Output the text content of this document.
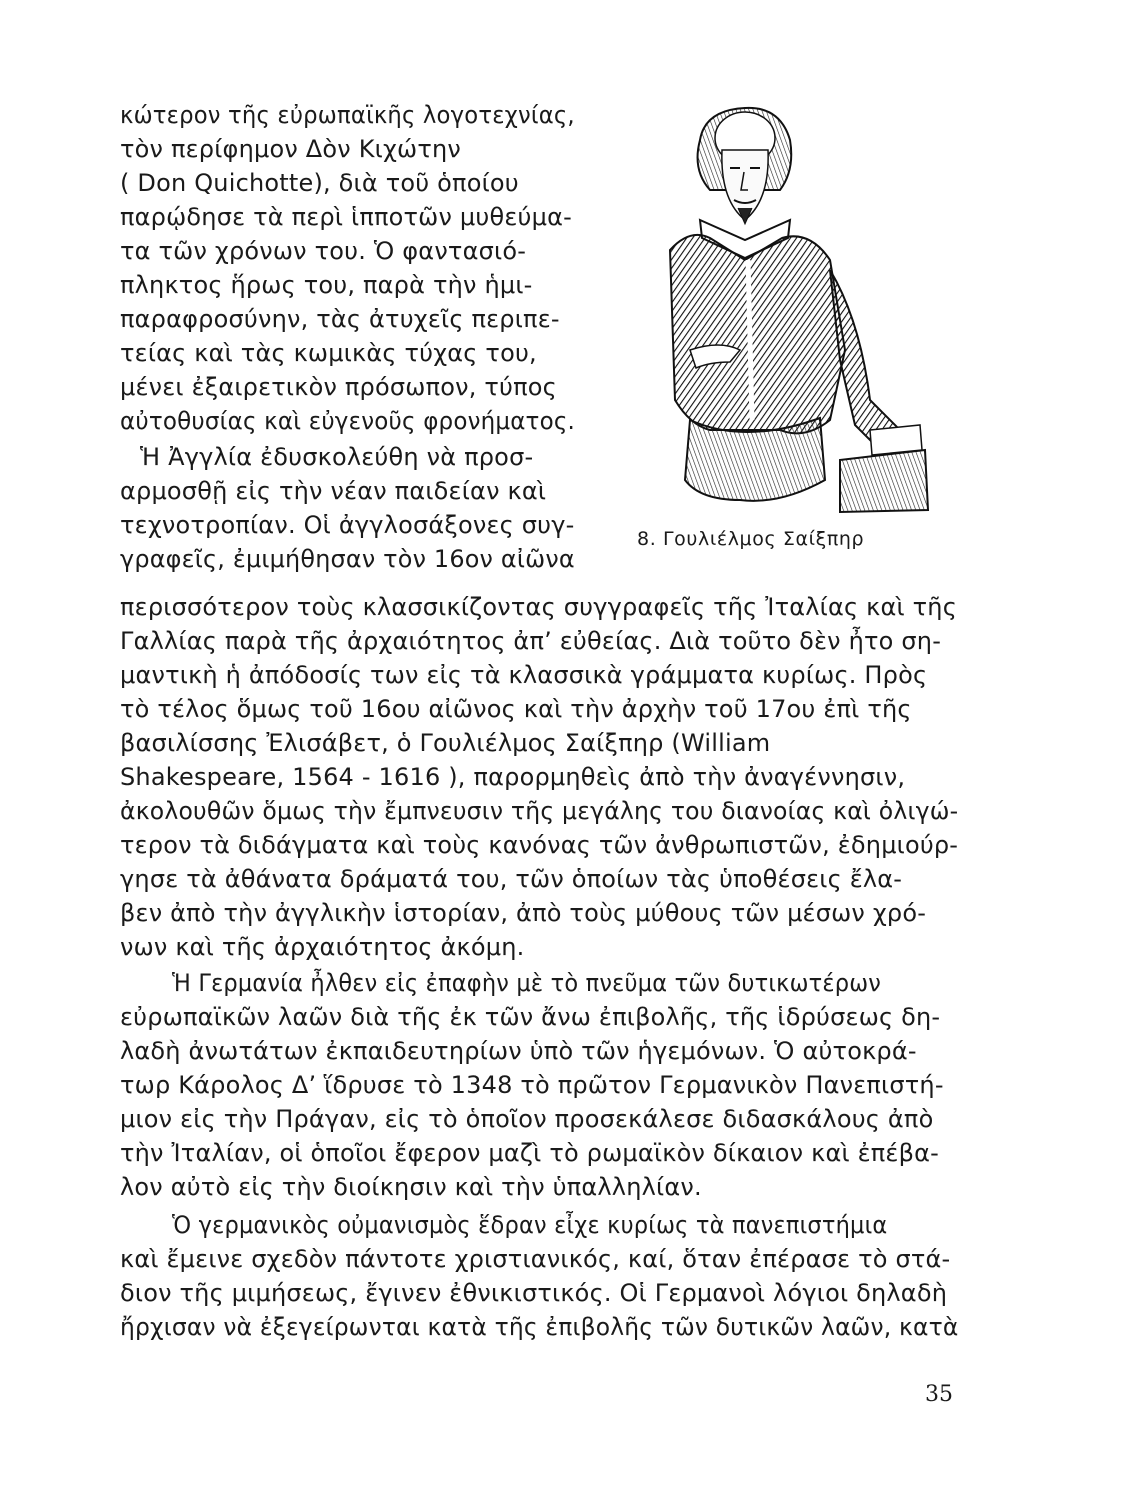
κώτερον τῆς εὐρωπαϊκῆς λογοτεχνίας,
τὸν περίφημον Δὸν Κιχώτην
( Don Quichotte), διὰ τοῦ ὁποίου
παρῴδησε τὰ περὶ ἱπποτῶν μυθεύμα-
τα τῶν χρόνων του. Ὁ φαντασιό-
πληκτος ἥρως του, παρὰ τὴν ἡμι-
παραφροσύνην, τὰς ἀτυχεῖς περιπε-
τείας καὶ τὰς κωμικὰς τύχας του,
μένει ἐξαιρετικὸν πρόσωπον, τύπος
αὐτοθυσίας καὶ εὐγενοῦς φρονήματος.
Ἡ Ἀγγλία ἐδυσκολεύθη νὰ προσ-
αρμοσθῇ εἰς τὴν νέαν παιδείαν καὶ
τεχνοτροπίαν. Οἱ ἀγγλοσάξονες συγ-
γραφεῖς, ἐμιμήθησαν τὸν 16ον αἰῶνα
8. Γουλιέλμος Σαίξπηρ
περισσότερον τοὺς κλασσικίζοντας συγγραφεῖς τῆς Ἰταλίας καὶ τῆς
Γαλλίας παρὰ τῆς ἀρχαιότητος ἀπ’ εὐθείας. Διὰ τοῦτο δὲν ἦτο ση-
μαντικὴ ἡ ἀπόδοσίς των εἰς τὰ κλασσικὰ γράμματα κυρίως. Πρὸς
τὸ τέλος ὅμως τοῦ 16ου αἰῶνος καὶ τὴν ἀρχὴν τοῦ 17ου ἐπὶ τῆς
βασιλίσσης Ἐλισάβετ, ὁ Γουλιέλμος Σαίξπηρ (William
Shakespeare, 1564 - 1616 ), παρορμηθεὶς ἀπὸ τὴν ἀναγέννησιν,
ἀκολουθῶν ὅμως τὴν ἔμπνευσιν τῆς μεγάλης του διανοίας καὶ ὀλιγώ-
τερον τὰ διδάγματα καὶ τοὺς κανόνας τῶν ἀνθρωπιστῶν, ἐδημιούρ-
γησε τὰ ἀθάνατα δράματά του, τῶν ὁποίων τὰς ὑποθέσεις ἔλα-
βεν ἀπὸ τὴν ἀγγλικὴν ἱστορίαν, ἀπὸ τοὺς μύθους τῶν μέσων χρό-
νων καὶ τῆς ἀρχαιότητος ἀκόμη.
Ἡ Γερμανία ἦλθεν εἰς ἐπαφὴν μὲ τὸ πνεῦμα τῶν δυτικωτέρων
εὐρωπαϊκῶν λαῶν διὰ τῆς ἐκ τῶν ἄνω ἐπιβολῆς, τῆς ἱδρύσεως δη-
λαδὴ ἀνωτάτων ἐκπαιδευτηρίων ὑπὸ τῶν ἡγεμόνων. Ὁ αὐτοκρά-
τωρ Κάρολος Δ’ ἵδρυσε τὸ 1348 τὸ πρῶτον Γερμανικὸν Πανεπιστή-
μιον εἰς τὴν Πράγαν, εἰς τὸ ὁποῖον προσεκάλεσε διδασκάλους ἀπὸ
τὴν Ἰταλίαν, οἱ ὁποῖοι ἔφερον μαζὶ τὸ ρωμαϊκὸν δίκαιον καὶ ἐπέβα-
λον αὐτὸ εἰς τὴν διοίκησιν καὶ τὴν ὑπαλληλίαν.
Ὁ γερμανικὸς οὐμανισμὸς ἕδραν εἶχε κυρίως τὰ πανεπιστήμια
καὶ ἔμεινε σχεδὸν πάντοτε χριστιανικός, καί, ὅταν ἐπέρασε τὸ στά-
διον τῆς μιμήσεως, ἔγινεν ἐθνικιστικός. Οἱ Γερμανοὶ λόγιοι δηλαδὴ
ἤρχισαν νὰ ἐξεγείρωνται κατὰ τῆς ἐπιβολῆς τῶν δυτικῶν λαῶν, κατὰ
35
